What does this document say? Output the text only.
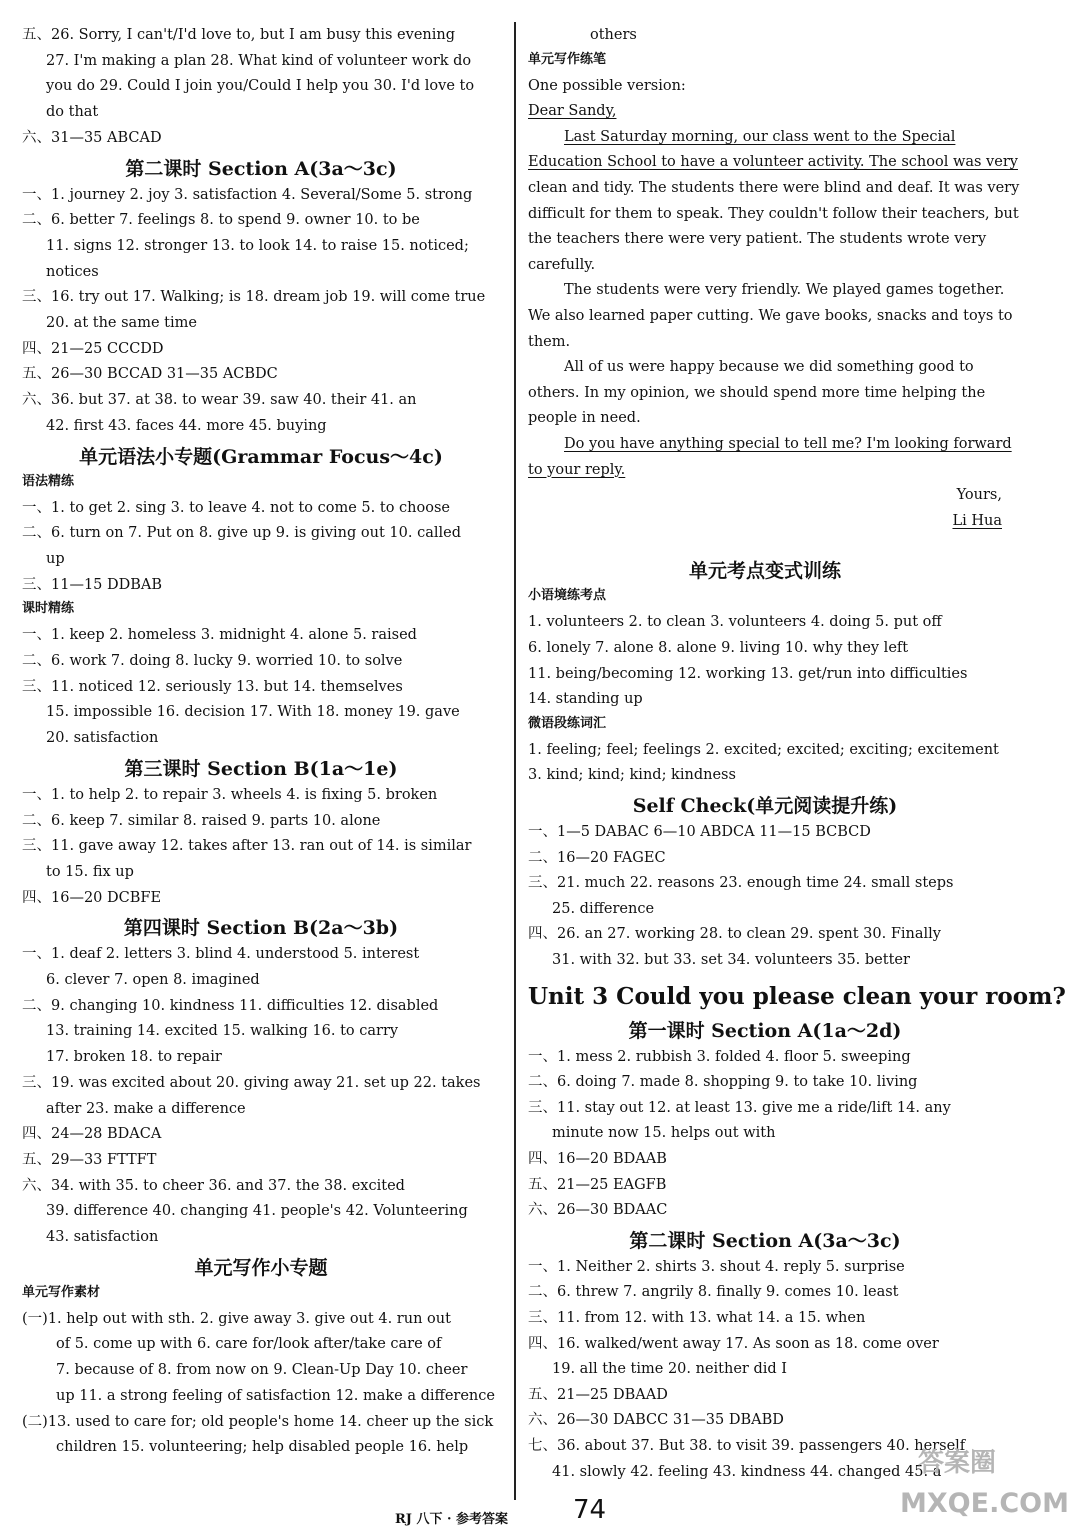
五、26. Sorry, I can't/I'd love to, but I am busy this evening
27. I'm making a plan 28. What kind of volunteer work do
you do 29. Could I join you/Could I help you 30. I'd love to
do that
六、31—35 ABCAD
第二课时 Section A(3a～3c)
一、1. journey 2. joy 3. satisfaction 4. Several/Some 5. strong
二、6. better 7. feelings 8. to spend 9. owner 10. to be
11. signs 12. stronger 13. to look 14. to raise 15. noticed;
notices
三、16. try out 17. Walking; is 18. dream job 19. will come true
20. at the same time
四、21—25 CCCDD
五、26—30 BCCAD 31—35 ACBDC
六、36. but 37. at 38. to wear 39. saw 40. their 41. an
42. first 43. faces 44. more 45. buying
单元语法小专题(Grammar Focus～4c)
语法精练
一、1. to get 2. sing 3. to leave 4. not to come 5. to choose
二、6. turn on 7. Put on 8. give up 9. is giving out 10. called
up
三、11—15 DDBAB
课时精练
一、1. keep 2. homeless 3. midnight 4. alone 5. raised
二、6. work 7. doing 8. lucky 9. worried 10. to solve
三、11. noticed 12. seriously 13. but 14. themselves
15. impossible 16. decision 17. With 18. money 19. gave
20. satisfaction
第三课时 Section B(1a～1e)
一、1. to help 2. to repair 3. wheels 4. is fixing 5. broken
二、6. keep 7. similar 8. raised 9. parts 10. alone
三、11. gave away 12. takes after 13. ran out of 14. is similar
to 15. fix up
四、16—20 DCBFE
第四课时 Section B(2a～3b)
一、1. deaf 2. letters 3. blind 4. understood 5. interest
6. clever 7. open 8. imagined
二、9. changing 10. kindness 11. difficulties 12. disabled
13. training 14. excited 15. walking 16. to carry
17. broken 18. to repair
三、19. was excited about 20. giving away 21. set up 22. takes
after 23. make a difference
四、24—28 BDACA
五、29—33 FTTFT
六、34. with 35. to cheer 36. and 37. the 38. excited
39. difference 40. changing 41. people's 42. Volunteering
43. satisfaction
单元写作小专题
单元写作素材
(一)1. help out with sth. 2. give away 3. give out 4. run out
of 5. come up with 6. care for/look after/take care of
7. because of 8. from now on 9. Clean-Up Day 10. cheer
up 11. a strong feeling of satisfaction 12. make a difference
(二)13. used to care for; old people's home 14. cheer up the sick
children 15. volunteering; help disabled people 16. help
others
单元写作练笔
One possible version:
Dear Sandy,
Last Saturday morning, our class went to the Special
Education School to have a volunteer activity. The school was very
clean and tidy. The students there were blind and deaf. It was very
difficult for them to speak. They couldn't follow their teachers, but
the teachers there were very patient. The students wrote very
carefully.
The students were very friendly. We played games together.
We also learned paper cutting. We gave books, snacks and toys to
them.
All of us were happy because we did something good to
others. In my opinion, we should spend more time helping the
people in need.
Do you have anything special to tell me? I'm looking forward
to your reply.
Yours,
Li Hua
单元考点变式训练
小语境练考点
1. volunteers 2. to clean 3. volunteers 4. doing 5. put off
6. lonely 7. alone 8. alone 9. living 10. why they left
11. being/becoming 12. working 13. get/run into difficulties
14. standing up
微语段练词汇
1. feeling; feel; feelings 2. excited; excited; exciting; excitement
3. kind; kind; kind; kindness
Self Check(单元阅读提升练)
一、1—5 DABAC 6—10 ABDCA 11—15 BCBCD
二、16—20 FAGEC
三、21. much 22. reasons 23. enough time 24. small steps
25. difference
四、26. an 27. working 28. to clean 29. spent 30. Finally
31. with 32. but 33. set 34. volunteers 35. better
Unit 3 Could you please clean your room?
第一课时 Section A(1a～2d)
一、1. mess 2. rubbish 3. folded 4. floor 5. sweeping
二、6. doing 7. made 8. shopping 9. to take 10. living
三、11. stay out 12. at least 13. give me a ride/lift 14. any
minute now 15. helps out with
四、16—20 BDAAB
五、21—25 EAGFB
六、26—30 BDAAC
第二课时 Section A(3a～3c)
一、1. Neither 2. shirts 3. shout 4. reply 5. surprise
二、6. threw 7. angrily 8. finally 9. comes 10. least
三、11. from 12. with 13. what 14. a 15. when
四、16. walked/went away 17. As soon as 18. come over
19. all the time 20. neither did I
五、21—25 DBAAD
六、26—30 DABCC 31—35 DBABD
七、36. about 37. But 38. to visit 39. passengers 40. herself
41. slowly 42. feeling 43. kindness 44. changed 45. a
RJ 八下 · 参考答案 74
答案圈
MXQE.COM
